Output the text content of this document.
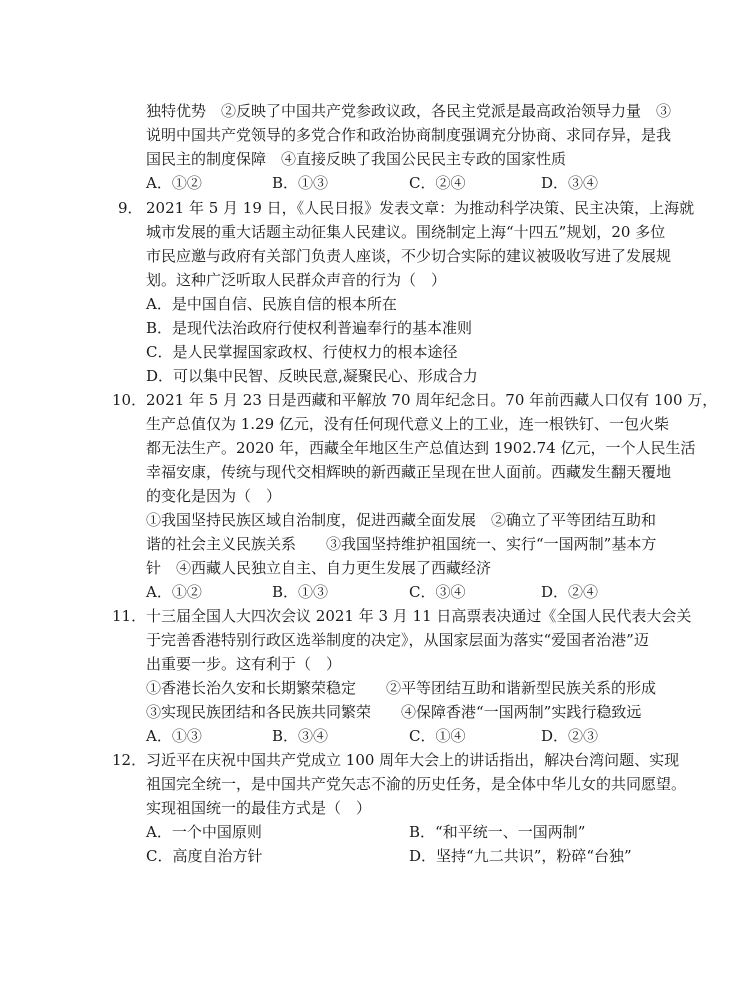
独特优势　②反映了中国共产党参政议政，各民主党派是最高政治领导力量　③
说明中国共产党领导的多党合作和政治协商制度强调充分协商、求同存异，是我
国民主的制度保障　④直接反映了我国公民民主专政的国家性质
A．①②	B．①③	C．②④	D．③④
9． 2021 年 5 月 19 日，《人民日报》发表文章：为推动科学决策、民主决策，上海就
城市发展的重大话题主动征集人民建议。围绕制定上海“十四五”规划，20 多位
市民应邀与政府有关部门负责人座谈，不少切合实际的建议被吸收写进了发展规
划。这种广泛听取人民群众声音的行为（　）
A．是中国自信、民族自信的根本所在
B．是现代法治政府行使权利普遍奉行的基本准则
C．是人民掌握国家政权、行使权力的根本途径
D．可以集中民智、反映民意,凝聚民心、形成合力
10． 2021 年 5 月 23 日是西藏和平解放 70 周年纪念日。70 年前西藏人口仅有 100 万，
生产总值仅为 1.29 亿元，没有任何现代意义上的工业，连一根铁钉、一包火柴
都无法生产。2020 年，西藏全年地区生产总值达到 1902.74 亿元，一个人民生活
幸福安康，传统与现代交相辉映的新西藏正呈现在世人面前。西藏发生翻天覆地
的变化是因为（　）
①我国坚持民族区域自治制度，促进西藏全面发展　②确立了平等团结互助和
谐的社会主义民族关系　　③我国坚持维护祖国统一、实行“一国两制”基本方
针　④西藏人民独立自主、自力更生发展了西藏经济
A．①②	B．①③	C．③④	D．②④
11． 十三届全国人大四次会议 2021 年 3 月 11 日高票表决通过《全国人民代表大会关
于完善香港特别行政区选举制度的决定》，从国家层面为落实“爱国者治港”迈
出重要一步。这有利于（　）
①香港长治久安和长期繁荣稳定　　②平等团结互助和谐新型民族关系的形成
③实现民族团结和各民族共同繁荣　　④保障香港“一国两制”实践行稳致远
A．①③	B．③④	C．①④	D．②③
12． 习近平在庆祝中国共产党成立 100 周年大会上的讲话指出，解决台湾问题、实现
祖国完全统一，是中国共产党矢志不渝的历史任务，是全体中华儿女的共同愿望。
实现祖国统一的最佳方式是（　）
A．一个中国原则	B．“和平统一、一国两制”
C．高度自治方针	D．坚持“九二共识”，粉碎“台独”
